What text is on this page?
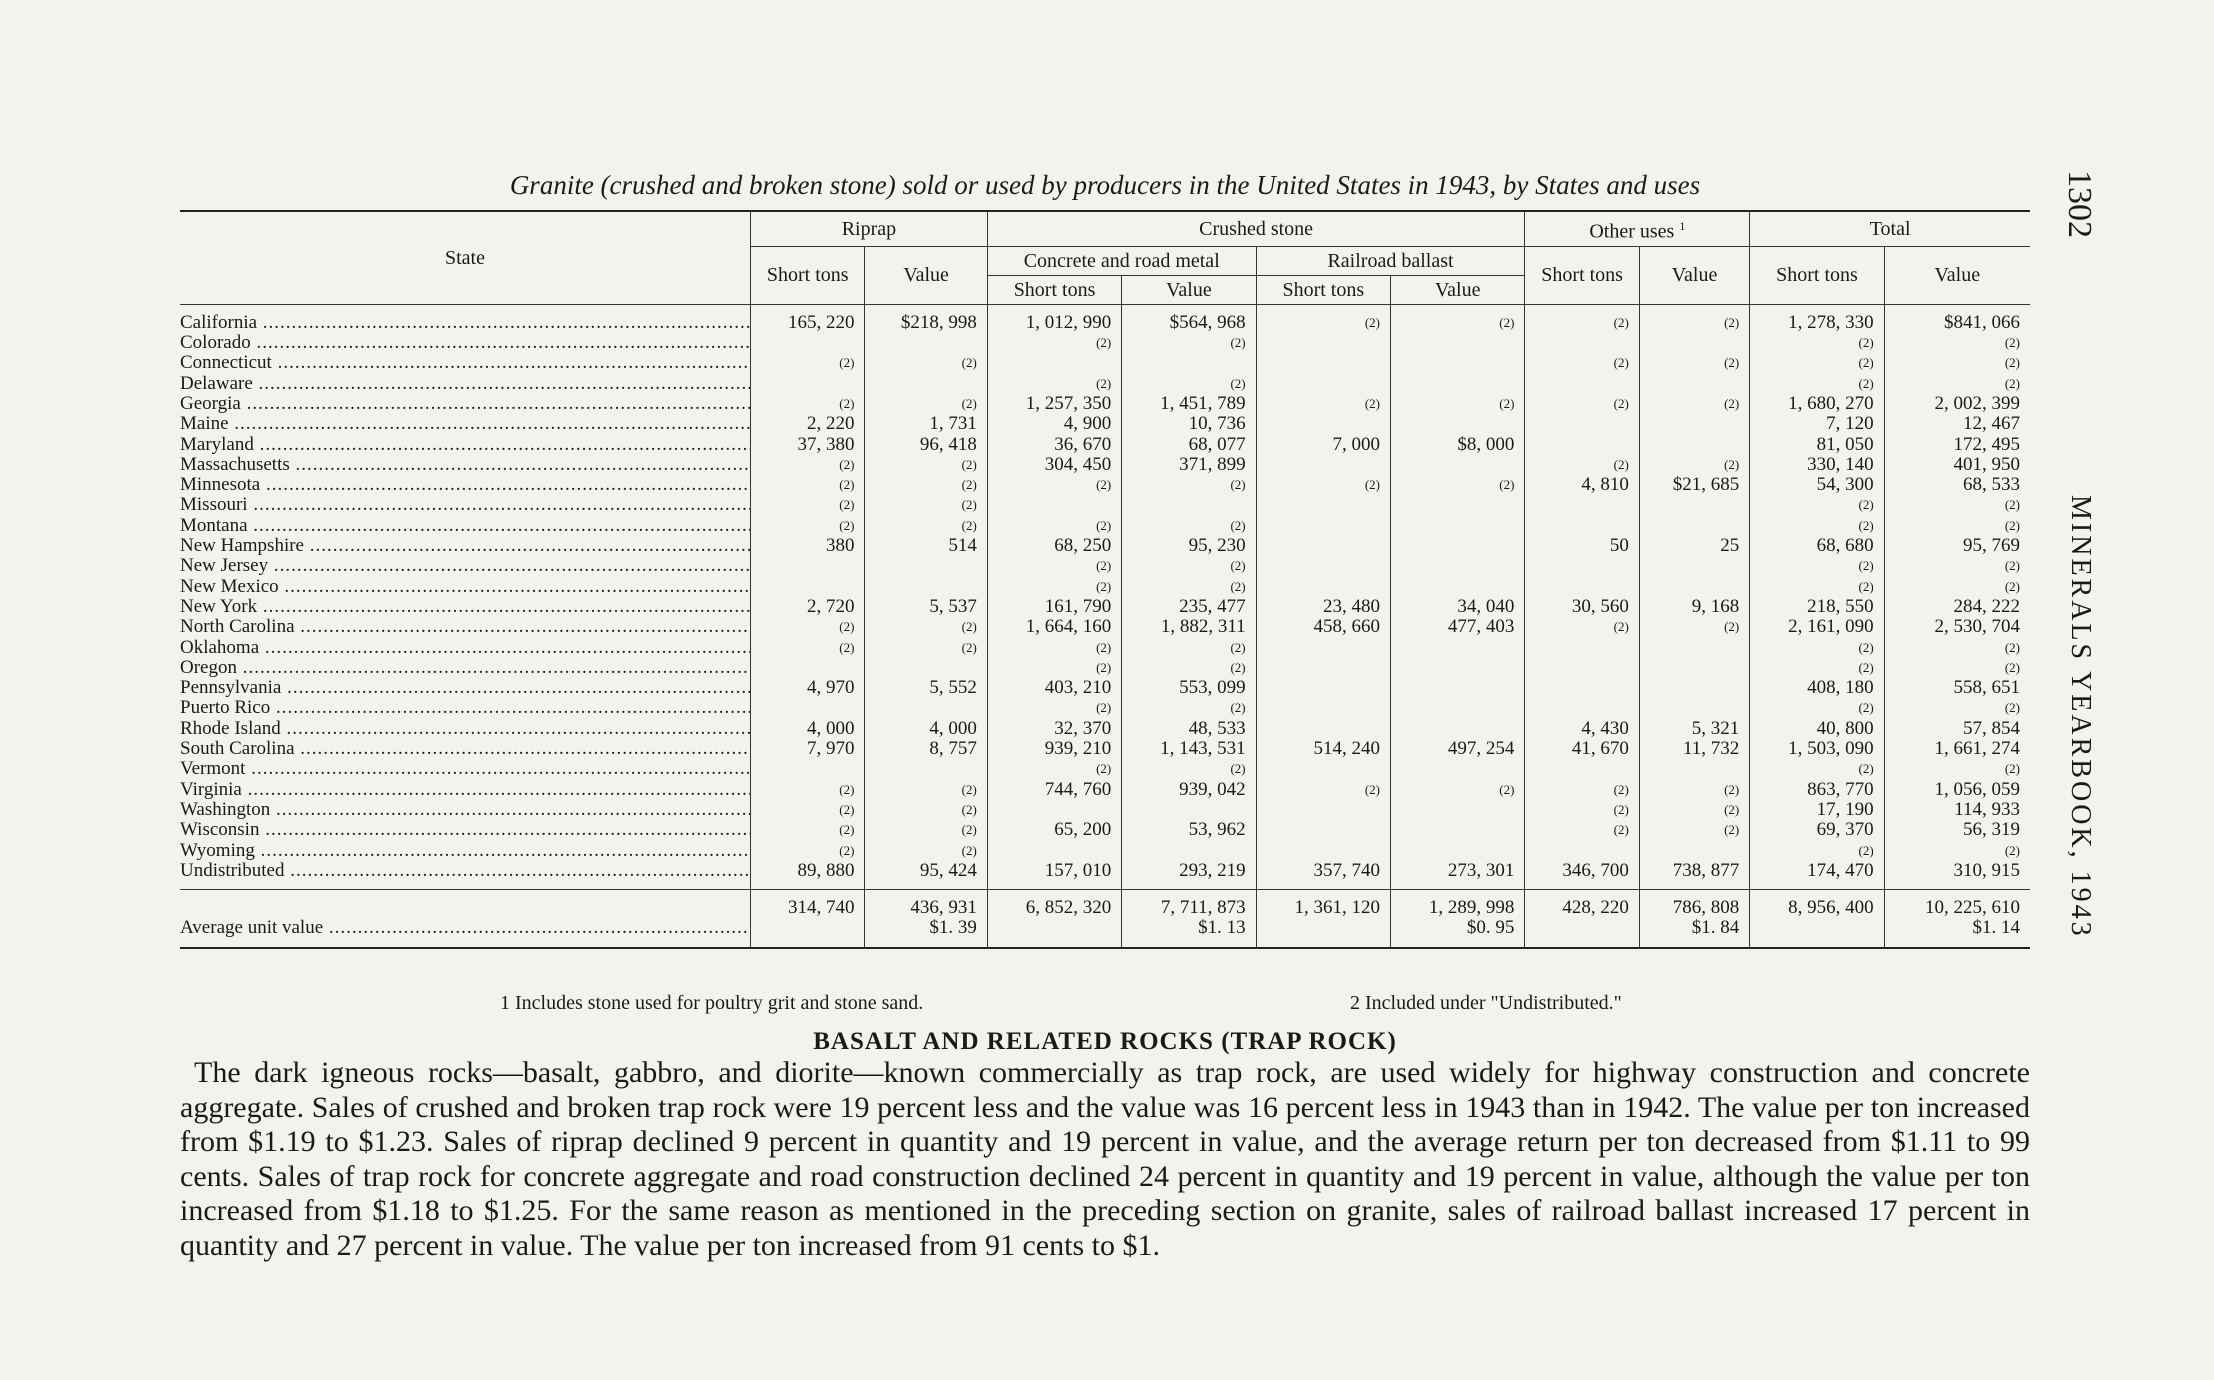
Granite (crushed and broken stone) sold or used by producers in the United States in 1943, by States and uses
State	Riprap		Crushed stone				Other uses $^1$		Total	
	Short tons	Value	Concrete and road metal		Railroad ballast		Short tons	Value	Short tons	Value
			Short tons	Value	Short tons	Value				
California .....	165, 220	$218, 998	1, 012, 990	$564, 968	(2)	(2)	(2)	(2)	1, 278, 330	$841, 066
Colorado .....			(2)	(2)					(2)	(2)
Connecticut .....	(2)	(2)					(2)	(2)	(2)	(2)
Delaware .....			(2)	(2)					(2)	(2)
Georgia .....	(2)	(2)	1, 257, 350	1, 451, 789	(2)	(2)	(2)	(2)	1, 680, 270	2, 002, 399
Maine .....	2, 220	1, 731	4, 900	10, 736					7, 120	12, 467
Maryland .....	37, 380	96, 418	36, 670	68, 077	7, 000	$8, 000			81, 050	172, 495
Massachusetts .....	(2)	(2)	304, 450	371, 899			(2)	(2)	330, 140	401, 950
Minnesota .....	(2)	(2)	(2)	(2)	(2)	(2)	4, 810	$21, 685	54, 300	68, 533
Missouri .....	(2)	(2)							(2)	(2)
Montana .....	(2)	(2)	(2)	(2)					(2)	(2)
New Hampshire .....	380	514	68, 250	95, 230			50	25	68, 680	95, 769
New Jersey .....			(2)	(2)					(2)	(2)
New Mexico .....			(2)	(2)					(2)	(2)
New York .....	2, 720	5, 537	161, 790	235, 477	23, 480	34, 040	30, 560	9, 168	218, 550	284, 222
North Carolina .....	(2)	(2)	1, 664, 160	1, 882, 311	458, 660	477, 403	(2)	(2)	2, 161, 090	2, 530, 704
Oklahoma .....	(2)	(2)	(2)	(2)					(2)	(2)
Oregon .....			(2)	(2)					(2)	(2)
Pennsylvania .....	4, 970	5, 552	403, 210	553, 099					408, 180	558, 651
Puerto Rico .....			(2)	(2)					(2)	(2)
Rhode Island .....	4, 000	4, 000	32, 370	48, 533			4, 430	5, 321	40, 800	57, 854
South Carolina .....	7, 970	8, 757	939, 210	1, 143, 531	514, 240	497, 254	41, 670	11, 732	1, 503, 090	1, 661, 274
Vermont .....			(2)	(2)					(2)	(2)
Virginia .....	(2)	(2)	744, 760	939, 042	(2)	(2)	(2)	(2)	863, 770	1, 056, 059
Washington .....	(2)	(2)					(2)	(2)	17, 190	114, 933
Wisconsin .....	(2)	(2)	65, 200	53, 962			(2)	(2)	69, 370	56, 319
Wyoming .....	(2)	(2)							(2)	(2)
Undistributed .....	89, 880	95, 424	157, 010	293, 219	357, 740	273, 301	346, 700	738, 877	174, 470	310, 915
	314, 740	436, 931	6, 852, 320	7, 711, 873	1, 361, 120	1, 289, 998	428, 220	786, 808	8, 956, 400	10, 225, 610
Average unit value .....		$1. 39		$1. 13		$0. 95		$1. 84		$1. 14
1 Includes stone used for poultry grit and stone sand.	2 Included under "Undistributed."
BASALT AND RELATED ROCKS (TRAP ROCK)
The dark igneous rocks—basalt, gabbro, and diorite—known commercially as trap rock, are used widely for highway construction and concrete aggregate. Sales of crushed and broken trap rock were 19 percent less and the value was 16 percent less in 1943 than in 1942. The value per ton increased from $1.19 to $1.23. Sales of riprap declined 9 percent in quantity and 19 percent in value, and the average return per ton decreased from $1.11 to 99 cents. Sales of trap rock for concrete aggregate and road construction declined 24 percent in quantity and 19 percent in value, although the value per ton increased from $1.18 to $1.25. For the same reason as mentioned in the preceding section on granite, sales of railroad ballast increased 17 percent in quantity and 27 percent in value. The value per ton increased from 91 cents to $1.
1302
MINERALS YEARBOOK, 1943
